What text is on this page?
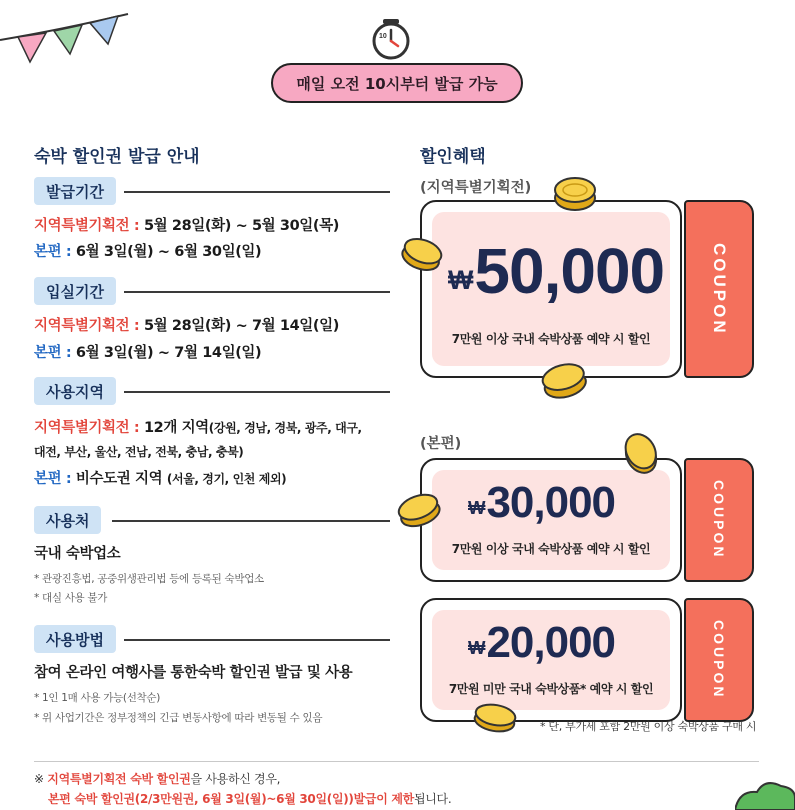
10
매일 오전 10시부터 발급 가능
숙박 할인권 발급 안내
발급기간
지역특별기획전 : 5월 28일(화) ~ 5월 30일(목)
본편 : 6월 3일(월) ~ 6월 30일(일)
입실기간
지역특별기획전 : 5월 28일(화) ~ 7월 14일(일)
본편 : 6월 3일(월) ~ 7월 14일(일)
사용지역
지역특별기획전 : 12개 지역(강원, 경남, 경북, 광주, 대구,
대전, 부산, 울산, 전남, 전북, 충남, 충북)
본편 : 비수도권 지역 (서울, 경기, 인천 제외)
사용처
국내 숙박업소
* 관광진흥법, 공중위생관리법 등에 등록된 숙박업소
* 대실 사용 불가
사용방법
참여 온라인 여행사를 통한숙박 할인권 발급 및 사용
* 1인 1매 사용 가능(선착순)
* 위 사업기간은 정부정책의 긴급 변동사항에 따라 변동될 수 있음
할인혜택
(지역특별기획전)
₩50,000
7만원 이상 국내 숙박상품 예약 시 할인
COUPON
(본편)
₩30,000
7만원 이상 국내 숙박상품 예약 시 할인	COUPON
₩20,000
7만원 미만 국내 숙박상품* 예약 시 할인	COUPON
* 단, 부가세 포함 2만원 이상 숙박상품 구매 시
※ 지역특별기획전 숙박 할인권을 사용하신 경우,
본편 숙박 할인권(2/3만원권, 6월 3일(월)~6월 30일(일))발급이 제한됩니다.
